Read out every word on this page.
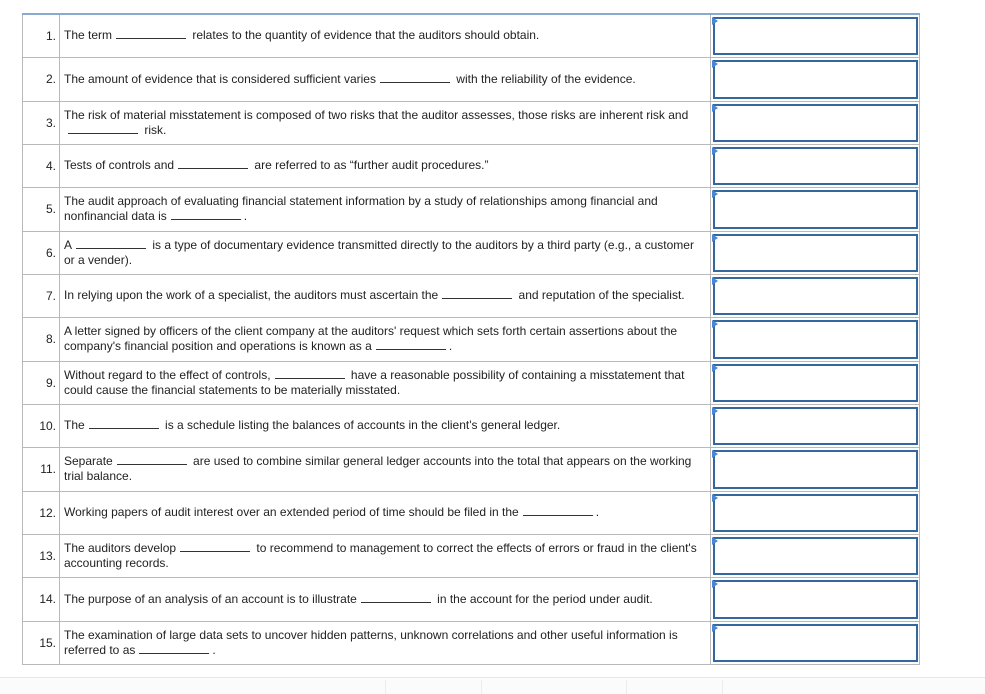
1.	The term relates to the quantity of evidence that the auditors should obtain.	

2.	The amount of evidence that is considered sufficient varies with the reliability of the evidence.	

3.	The risk of material misstatement is composed of two risks that the auditor assesses, those risks are inherent risk and risk.	

4.	Tests of controls and are referred to as “further audit procedures.”	

5.	The audit approach of evaluating financial statement information by a study of relationships among financial and nonfinancial data is .	

6.	A is a type of documentary evidence transmitted directly to the auditors by a third party (e.g., a customer or a vender).	

7.	In relying upon the work of a specialist, the auditors must ascertain the and reputation of the specialist.	

8.	A letter signed by officers of the client company at the auditors' request which sets forth certain assertions about the company's financial position and operations is known as a .	

9.	Without regard to the effect of controls, have a reasonable possibility of containing a misstatement that could cause the financial statements to be materially misstated.	

10.	The is a schedule listing the balances of accounts in the client's general ledger.	

11.	Separate are used to combine similar general ledger accounts into the total that appears on the working trial balance.	

12.	Working papers of audit interest over an extended period of time should be filed in the .	

13.	The auditors develop to recommend to management to correct the effects of errors or fraud in the client's accounting records.	

14.	The purpose of an analysis of an account is to illustrate in the account for the period under audit.	

15.	The examination of large data sets to uncover hidden patterns, unknown correlations and other useful information is referred to as .	
